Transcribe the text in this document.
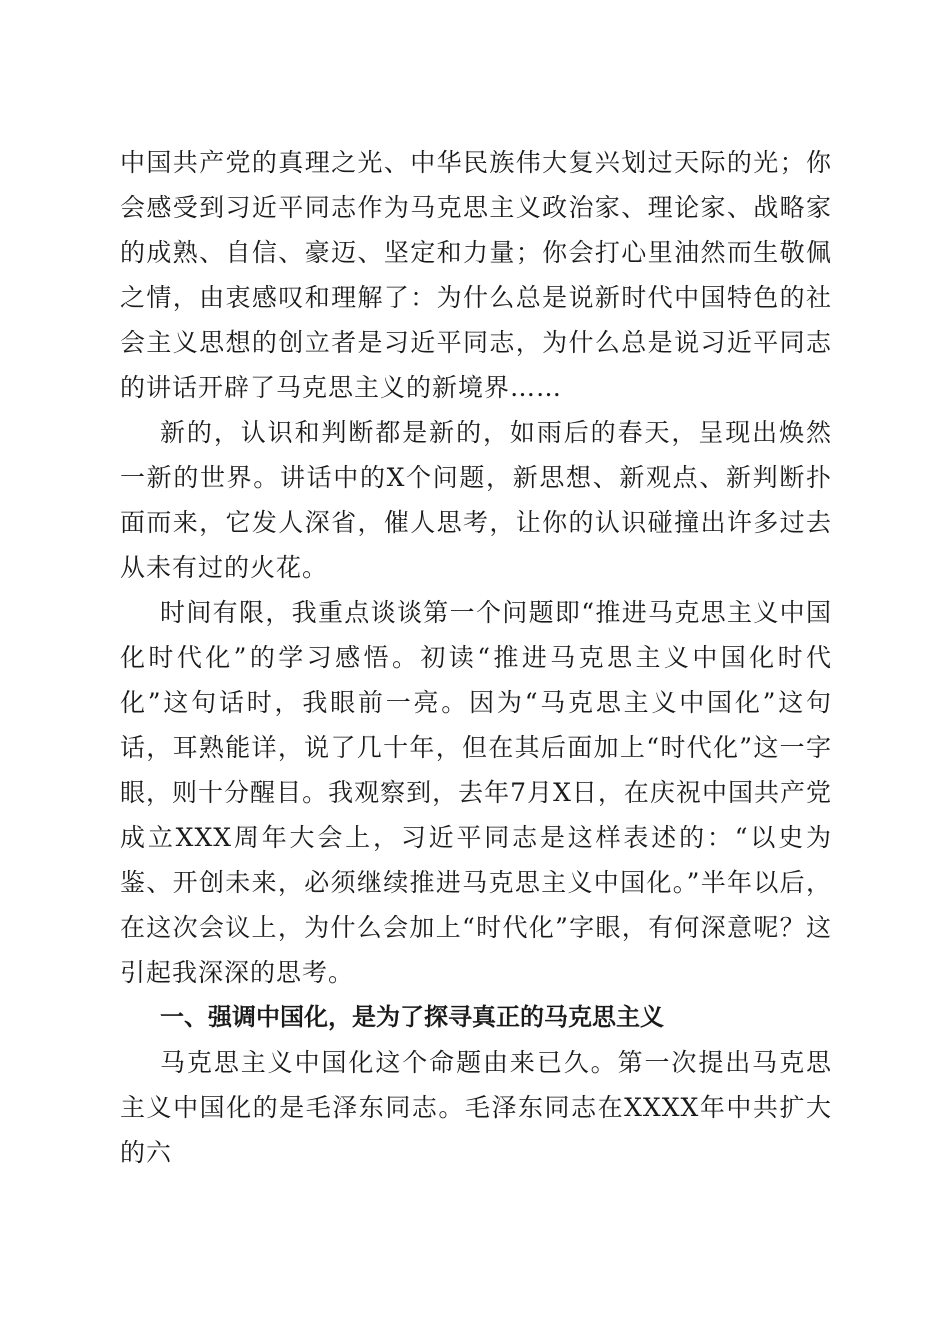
中国共产党的真理之光、中华民族伟大复兴划过天际的光；你会感受到习近平同志作为马克思主义政治家、理论家、战略家的成熟、自信、豪迈、坚定和力量；你会打心里油然而生敬佩之情，由衷感叹和理解了：为什么总是说新时代中国特色的社会主义思想的创立者是习近平同志，为什么总是说习近平同志的讲话开辟了马克思主义的新境界……

新的，认识和判断都是新的，如雨后的春天，呈现出焕然一新的世界。讲话中的X个问题，新思想、新观点、新判断扑面而来，它发人深省，催人思考，让你的认识碰撞出许多过去从未有过的火花。

时间有限，我重点谈谈第一个问题即“推进马克思主义中国化时代化”的学习感悟。初读“推进马克思主义中国化时代化”这句话时，我眼前一亮。因为“马克思主义中国化”这句话，耳熟能详，说了几十年，但在其后面加上“时代化”这一字眼，则十分醒目。我观察到，去年7月X日，在庆祝中国共产党成立XXX周年大会上，习近平同志是这样表述的：“以史为鉴、开创未来，必须继续推进马克思主义中国化。”半年以后，在这次会议上，为什么会加上“时代化”字眼，有何深意呢？这引起我深深的思考。

一、强调中国化，是为了探寻真正的马克思主义

马克思主义中国化这个命题由来已久。第一次提出马克思主义中国化的是毛泽东同志。毛泽东同志在XXXX年中共扩大的六
